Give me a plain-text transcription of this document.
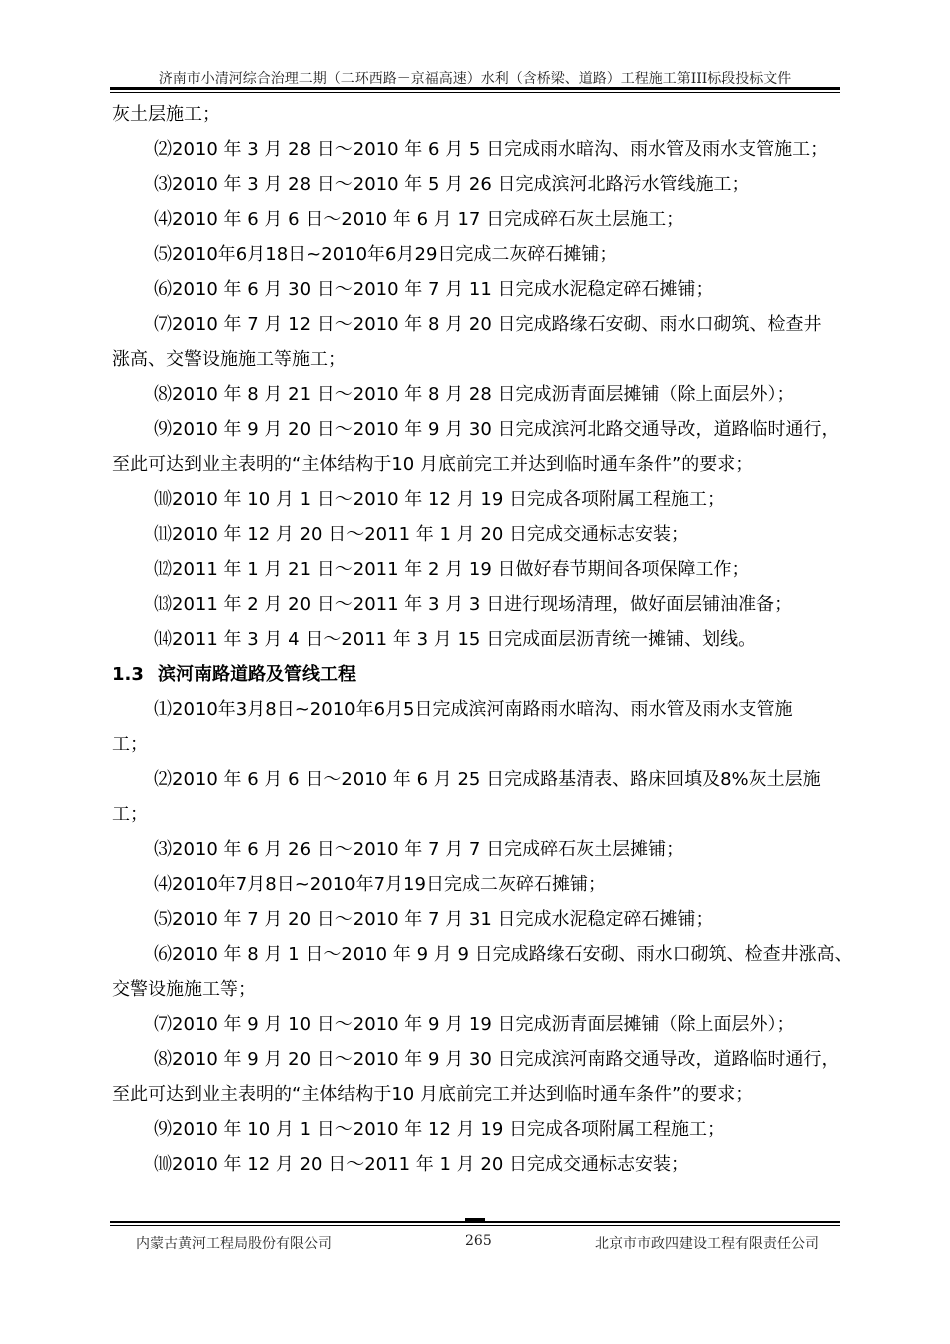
济南市小清河综合治理二期（二环西路－京福高速）水利（含桥梁、道路）工程施工第III标段投标文件
灰土层施工；
⑵2010 年 3 月 28 日～2010 年 6 月 5 日完成雨水暗沟、雨水管及雨水支管施工；
⑶2010 年 3 月 28 日～2010 年 5 月 26 日完成滨河北路污水管线施工；
⑷2010 年 6 月 6 日～2010 年 6 月 17 日完成碎石灰土层施工；
⑸2010年6月18日~2010年6月29日完成二灰碎石摊铺；
⑹2010 年 6 月 30 日～2010 年 7 月 11 日完成水泥稳定碎石摊铺；
⑺2010 年 7 月 12 日～2010 年 8 月 20 日完成路缘石安砌、雨水口砌筑、检查井
涨高、交警设施施工等施工；
⑻2010 年 8 月 21 日～2010 年 8 月 28 日完成沥青面层摊铺（除上面层外）；
⑼2010 年 9 月 20 日～2010 年 9 月 30 日完成滨河北路交通导改，道路临时通行，
至此可达到业主表明的“主体结构于10 月底前完工并达到临时通车条件”的要求；
⑽2010 年 10 月 1 日～2010 年 12 月 19 日完成各项附属工程施工；
⑾2010 年 12 月 20 日～2011 年 1 月 20 日完成交通标志安装；
⑿2011 年 1 月 21 日～2011 年 2 月 19 日做好春节期间各项保障工作；
⒀2011 年 2 月 20 日～2011 年 3 月 3 日进行现场清理，做好面层铺油准备；
⒁2011 年 3 月 4 日～2011 年 3 月 15 日完成面层沥青统一摊铺、划线。
1.3 滨河南路道路及管线工程
⑴2010年3月8日~2010年6月5日完成滨河南路雨水暗沟、雨水管及雨水支管施
工；
⑵2010 年 6 月 6 日～2010 年 6 月 25 日完成路基清表、路床回填及8%灰土层施
工；
⑶2010 年 6 月 26 日～2010 年 7 月 7 日完成碎石灰土层摊铺；
⑷2010年7月8日~2010年7月19日完成二灰碎石摊铺；
⑸2010 年 7 月 20 日～2010 年 7 月 31 日完成水泥稳定碎石摊铺；
⑹2010 年 8 月 1 日～2010 年 9 月 9 日完成路缘石安砌、雨水口砌筑、检查井涨高、
交警设施施工等；
⑺2010 年 9 月 10 日～2010 年 9 月 19 日完成沥青面层摊铺（除上面层外）；
⑻2010 年 9 月 20 日～2010 年 9 月 30 日完成滨河南路交通导改，道路临时通行，
至此可达到业主表明的“主体结构于10 月底前完工并达到临时通车条件”的要求；
⑼2010 年 10 月 1 日～2010 年 12 月 19 日完成各项附属工程施工；
⑽2010 年 12 月 20 日～2011 年 1 月 20 日完成交通标志安装；
内蒙古黄河工程局股份有限公司	265	北京市市政四建设工程有限责任公司
